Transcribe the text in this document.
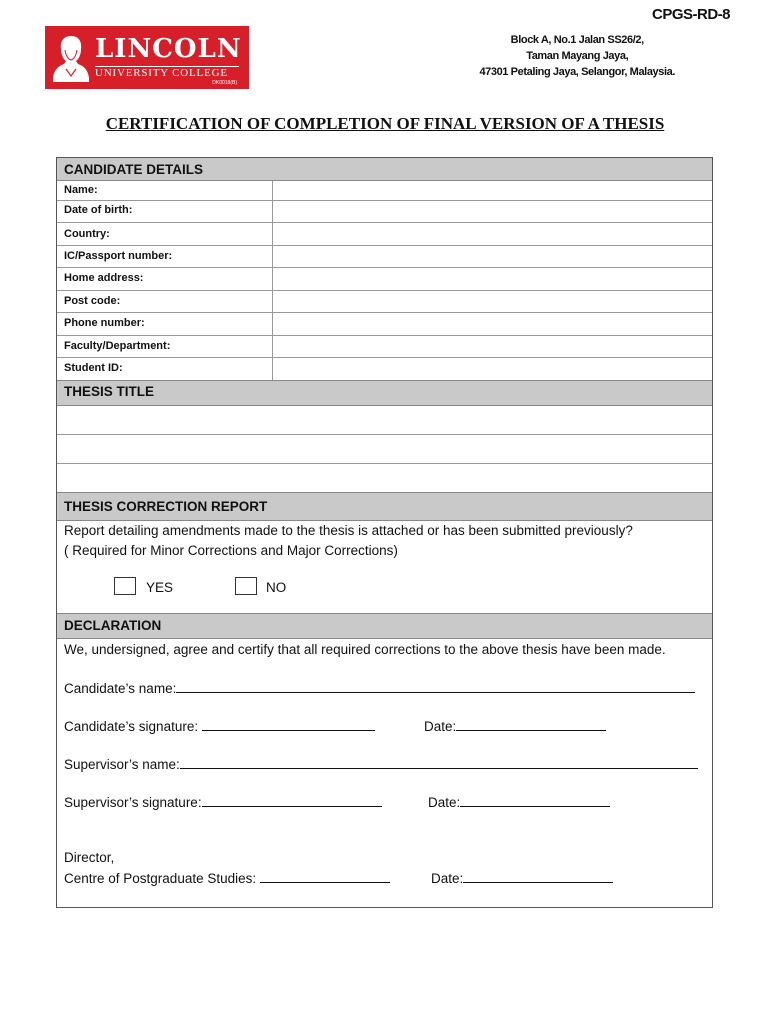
CPGS-RD-8
LINCOLN
UNIVERSITY COLLEGE
DK0018(B)
Block A, No.1 Jalan SS26/2,
Taman Mayang Jaya,
47301 Petaling Jaya, Selangor, Malaysia.
CERTIFICATION OF COMPLETION OF FINAL VERSION OF A THESIS
CANDIDATE DETAILS
Name:
Date of birth:
Country:
IC/Passport number:
Home address:
Post code:
Phone number:
Faculty/Department:
Student ID:
THESIS TITLE
THESIS CORRECTION REPORT
Report detailing amendments made to the thesis is attached or has been submitted previously?
( Required for Minor Corrections and Major Corrections)
YES	NO
DECLARATION
We, undersigned, agree and certify that all required corrections to the above thesis have been made.
Candidate’s name:
Candidate’s signature:	Date:
Supervisor’s name:
Supervisor’s signature:	Date:
Director,
Centre of Postgraduate Studies:	Date:
